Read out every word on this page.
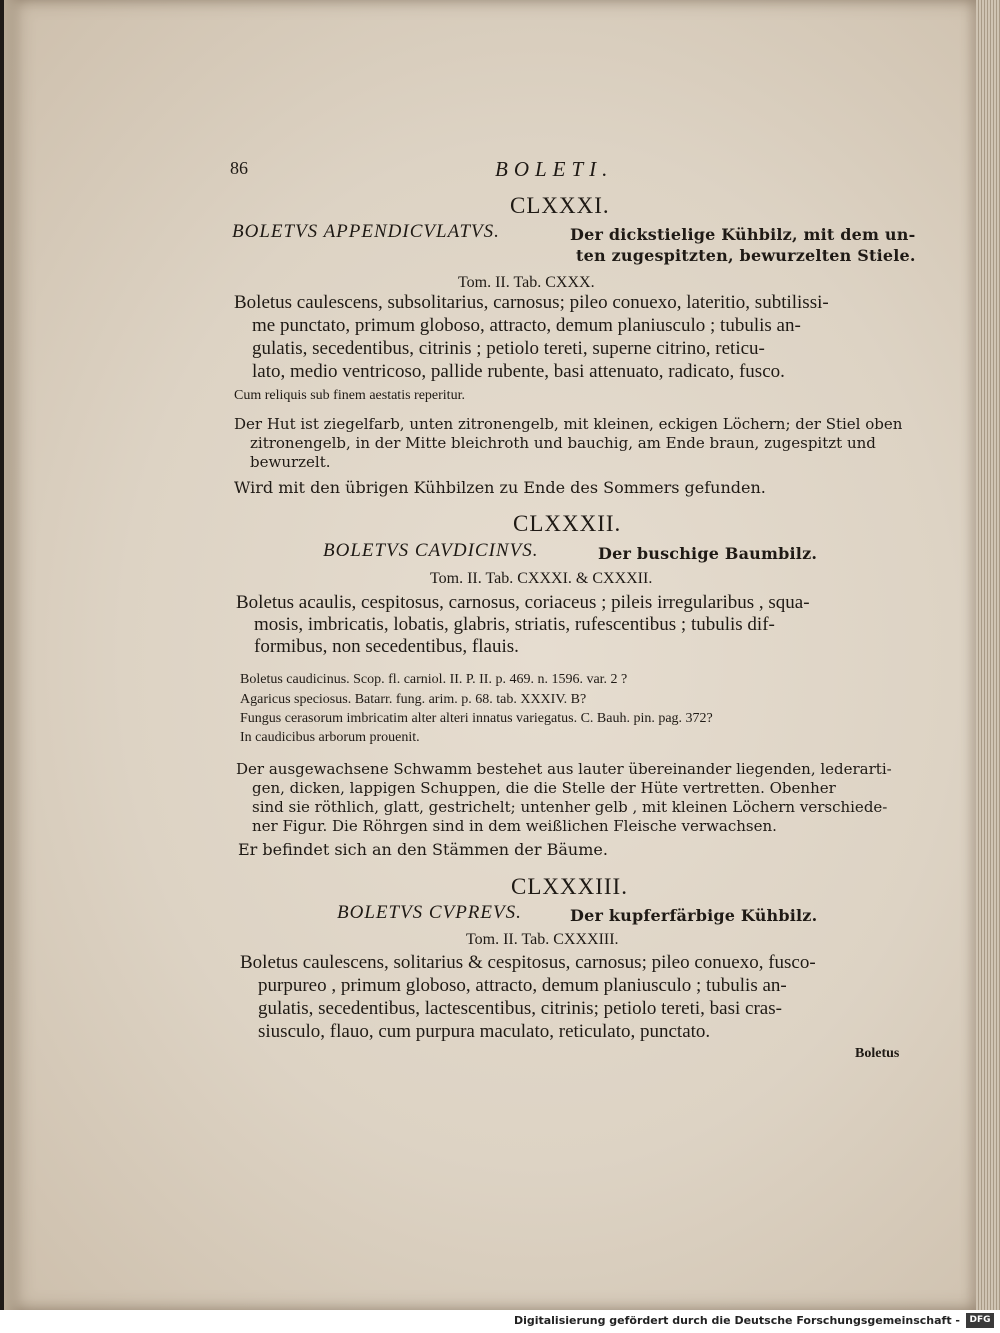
86	BOLETI.
CLXXXI.
BOLETVS APPENDICVLATVS.	Der dickstielige Kühbilz, mit dem un-
ten zugespitzten, bewurzelten Stiele.
Tom. II. Tab. CXXX.
Boletus caulescens, subsolitarius, carnosus; pileo conuexo, lateritio, subtilissi-
me punctato, primum globoso, attracto, demum planiusculo ; tubulis an-
gulatis, secedentibus, citrinis ; petiolo tereti, superne citrino, reticu-
lato, medio ventricoso, pallide rubente, basi attenuato, radicato, fusco.
Cum reliquis sub finem aestatis reperitur.
Der Hut ist ziegelfarb, unten zitronengelb, mit kleinen, eckigen Löchern; der Stiel oben
zitronengelb, in der Mitte bleichroth und bauchig, am Ende braun, zugespitzt und
bewurzelt.
Wird mit den übrigen Kühbilzen zu Ende des Sommers gefunden.
CLXXXII.
BOLETVS CAVDICINVS.	Der buschige Baumbilz.
Tom. II. Tab. CXXXI. & CXXXII.
Boletus acaulis, cespitosus, carnosus, coriaceus ; pileis irregularibus , squa-
mosis, imbricatis, lobatis, glabris, striatis, rufescentibus ; tubulis dif-
formibus, non secedentibus, flauis.
Boletus caudicinus. Scop. fl. carniol. II. P. II. p. 469. n. 1596. var. 2 ?
Agaricus speciosus. Batarr. fung. arim. p. 68. tab. XXXIV. B?
Fungus cerasorum imbricatim alter alteri innatus variegatus. C. Bauh. pin. pag. 372?
In caudicibus arborum prouenit.
Der ausgewachsene Schwamm bestehet aus lauter übereinander liegenden, lederarti-
gen, dicken, lappigen Schuppen, die die Stelle der Hüte vertretten. Obenher
sind sie röthlich, glatt, gestrichelt; untenher gelb , mit kleinen Löchern verschiede-
ner Figur. Die Röhrgen sind in dem weißlichen Fleische verwachsen.
Er befindet sich an den Stämmen der Bäume.
CLXXXIII.
BOLETVS CVPREVS.	Der kupferfärbige Kühbilz.
Tom. II. Tab. CXXXIII.
Boletus caulescens, solitarius & cespitosus, carnosus; pileo conuexo, fusco-
purpureo , primum globoso, attracto, demum planiusculo ; tubulis an-
gulatis, secedentibus, lactescentibus, citrinis; petiolo tereti, basi cras-
siusculo, flauo, cum purpura maculato, reticulato, punctato.
Boletus
Digitalisierung gefördert durch die Deutsche Forschungsgemeinschaft -	DFG
